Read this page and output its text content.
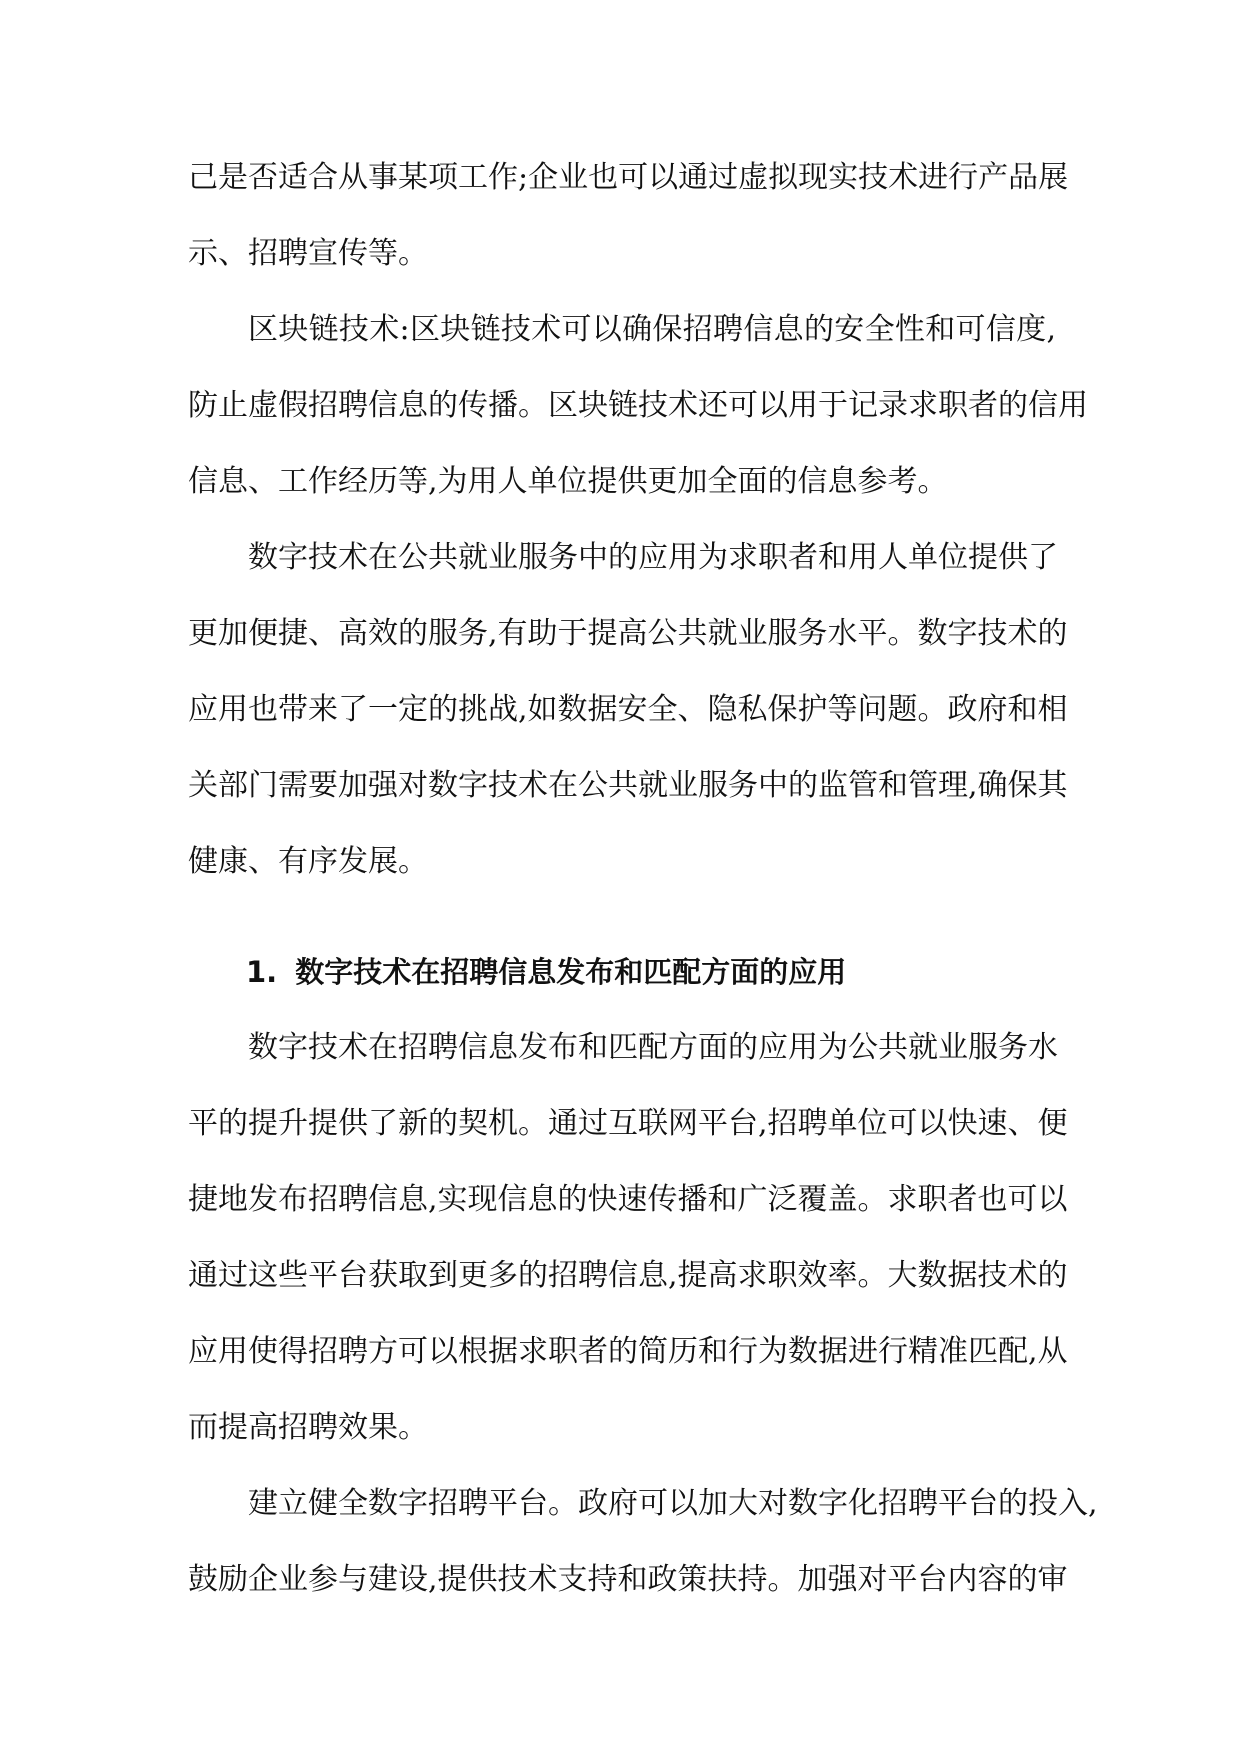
己是否适合从事某项工作;企业也可以通过虚拟现实技术进行产品展
示、招聘宣传等。
区块链技术:区块链技术可以确保招聘信息的安全性和可信度,
防止虚假招聘信息的传播。区块链技术还可以用于记录求职者的信用
信息、工作经历等,为用人单位提供更加全面的信息参考。
数字技术在公共就业服务中的应用为求职者和用人单位提供了
更加便捷、高效的服务,有助于提高公共就业服务水平。数字技术的
应用也带来了一定的挑战,如数据安全、隐私保护等问题。政府和相
关部门需要加强对数字技术在公共就业服务中的监管和管理,确保其
健康、有序发展。
1. 数字技术在招聘信息发布和匹配方面的应用
数字技术在招聘信息发布和匹配方面的应用为公共就业服务水
平的提升提供了新的契机。通过互联网平台,招聘单位可以快速、便
捷地发布招聘信息,实现信息的快速传播和广泛覆盖。求职者也可以
通过这些平台获取到更多的招聘信息,提高求职效率。大数据技术的
应用使得招聘方可以根据求职者的简历和行为数据进行精准匹配,从
而提高招聘效果。
建立健全数字招聘平台。政府可以加大对数字化招聘平台的投入,
鼓励企业参与建设,提供技术支持和政策扶持。加强对平台内容的审
